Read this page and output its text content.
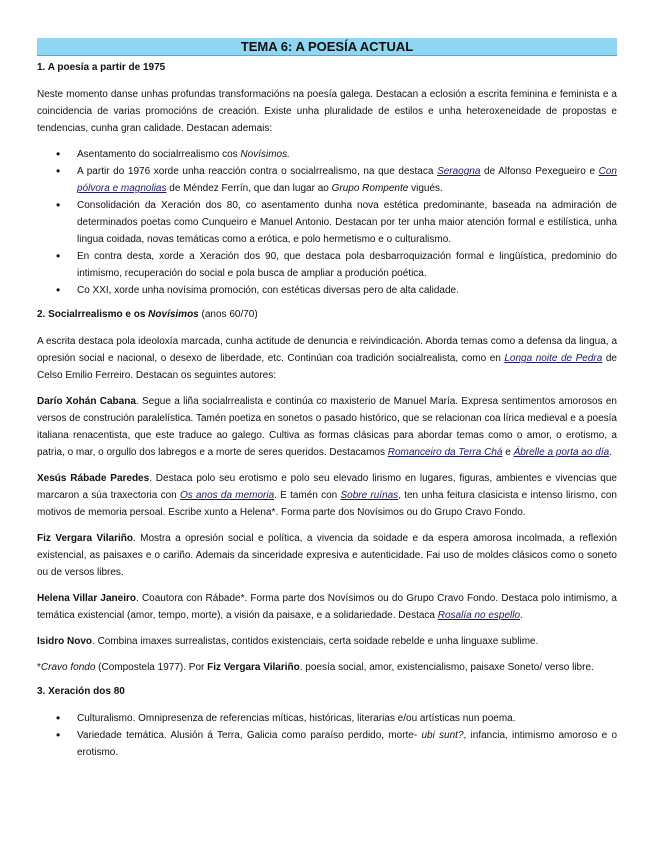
TEMA 6: A POESÍA ACTUAL
1. A poesía a partir de 1975

Neste momento danse unhas profundas transformacións na poesía galega. Destacan a eclosión a escrita feminina e feminista e a coincidencia de varias promocións de creación. Existe unha pluralidade de estilos e unha heteroxeneidade de propostas e tendencias, cunha gran calidade. Destacan ademais:

• Asentamento do socialrrealismo cos Novísimos.
• A partir do 1976 xorde unha reacción contra o socialrrealismo, na que destaca Seraogna de Alfonso Pexegueiro e Con pólvora e magnolias de Méndez Ferrín, que dan lugar ao Grupo Rompente vigués.
• Consolidación da Xeración dos 80, co asentamento dunha nova estética predominante, baseada na admiración de determinados poetas como Cunqueiro e Manuel Antonio. Destacan por ter unha maior atención formal e estilística, unha lingua coidada, novas temáticas como a erótica, e polo hermetismo e o culturalismo.
• En contra desta, xorde a Xeración dos 90, que destaca pola desbarroquización formal e lingüística, predominio do intimismo, recuperación do social e pola busca de ampliar a produción poética.
• Co XXI, xorde unha novísima promoción, con estéticas diversas pero de alta calidade.
2. Socialrrealismo e os Novísimos (anos 60/70)

A escrita destaca pola ideoloxía marcada, cunha actitude de denuncia e reivindicación. Aborda temas como a defensa da lingua, a opresión social e nacional, o desexo de liberdade, etc. Continúan coa tradición socialrealista, como en Longa noite de Pedra de Celso Emilio Ferreiro. Destacan os seguintes autores:

Darío Xohán Cabana. Segue a liña socialrrealista e continúa co maxisterio de Manuel María. Expresa sentimentos amorosos en versos de construción paralelística. Tamén poetiza en sonetos o pasado histórico, que se relacionan coa lírica medieval e a poesía italiana renacentista, que este traduce ao galego. Cultiva as formas clásicas para abordar temas como o amor, o erotismo, a patria, o mar, o orgullo dos labregos e a morte de seres queridos. Destacamos Romanceiro da Terra Chá e Ábrelle a porta ao día.

Xesús Rábade Paredes. Destaca polo seu erotismo e polo seu elevado lirismo en lugares, figuras, ambientes e vivencias que marcaron a súa traxectoria con Os anos da memoria. E tamén con Sobre ruínas, ten unha feitura clasicista e intenso lirismo, con motivos de memoria persoal. Escribe xunto a Helena*. Forma parte dos Novísimos ou do Grupo Cravo Fondo.

Fiz Vergara Vilariño. Mostra a opresión social e política, a vivencia da soidade e da espera amorosa incolmada, a reflexión existencial, as paisaxes e o cariño. Ademais da sinceridade expresiva e autenticidade. Fai uso de moldes clásicos como o soneto ou de versos libres.

Helena Villar Janeiro. Coautora con Rábade*. Forma parte dos Novísimos ou do Grupo Cravo Fondo. Destaca polo intimismo, a temática existencial (amor, tempo, morte), a visión da paisaxe, e a solidariedade. Destaca Rosalía no espello.

Isidro Novo. Combina imaxes surrealistas, contidos existenciais, certa soidade rebelde e unha linguaxe sublime.

*Cravo fondo (Compostela 1977). Por Fiz Vergara Vilariño. poesía social, amor, existencialismo, paisaxe Soneto/ verso libre.

3. Xeración dos 80
• Culturalismo. Omnipresenza de referencias míticas, históricas, literarias e/ou artísticas nun poema.
• Variedade temática. Alusión á Terra, Galicia como paraíso perdido, morte- ubi sunt?, infancia, intimismo amoroso e o erotismo.
